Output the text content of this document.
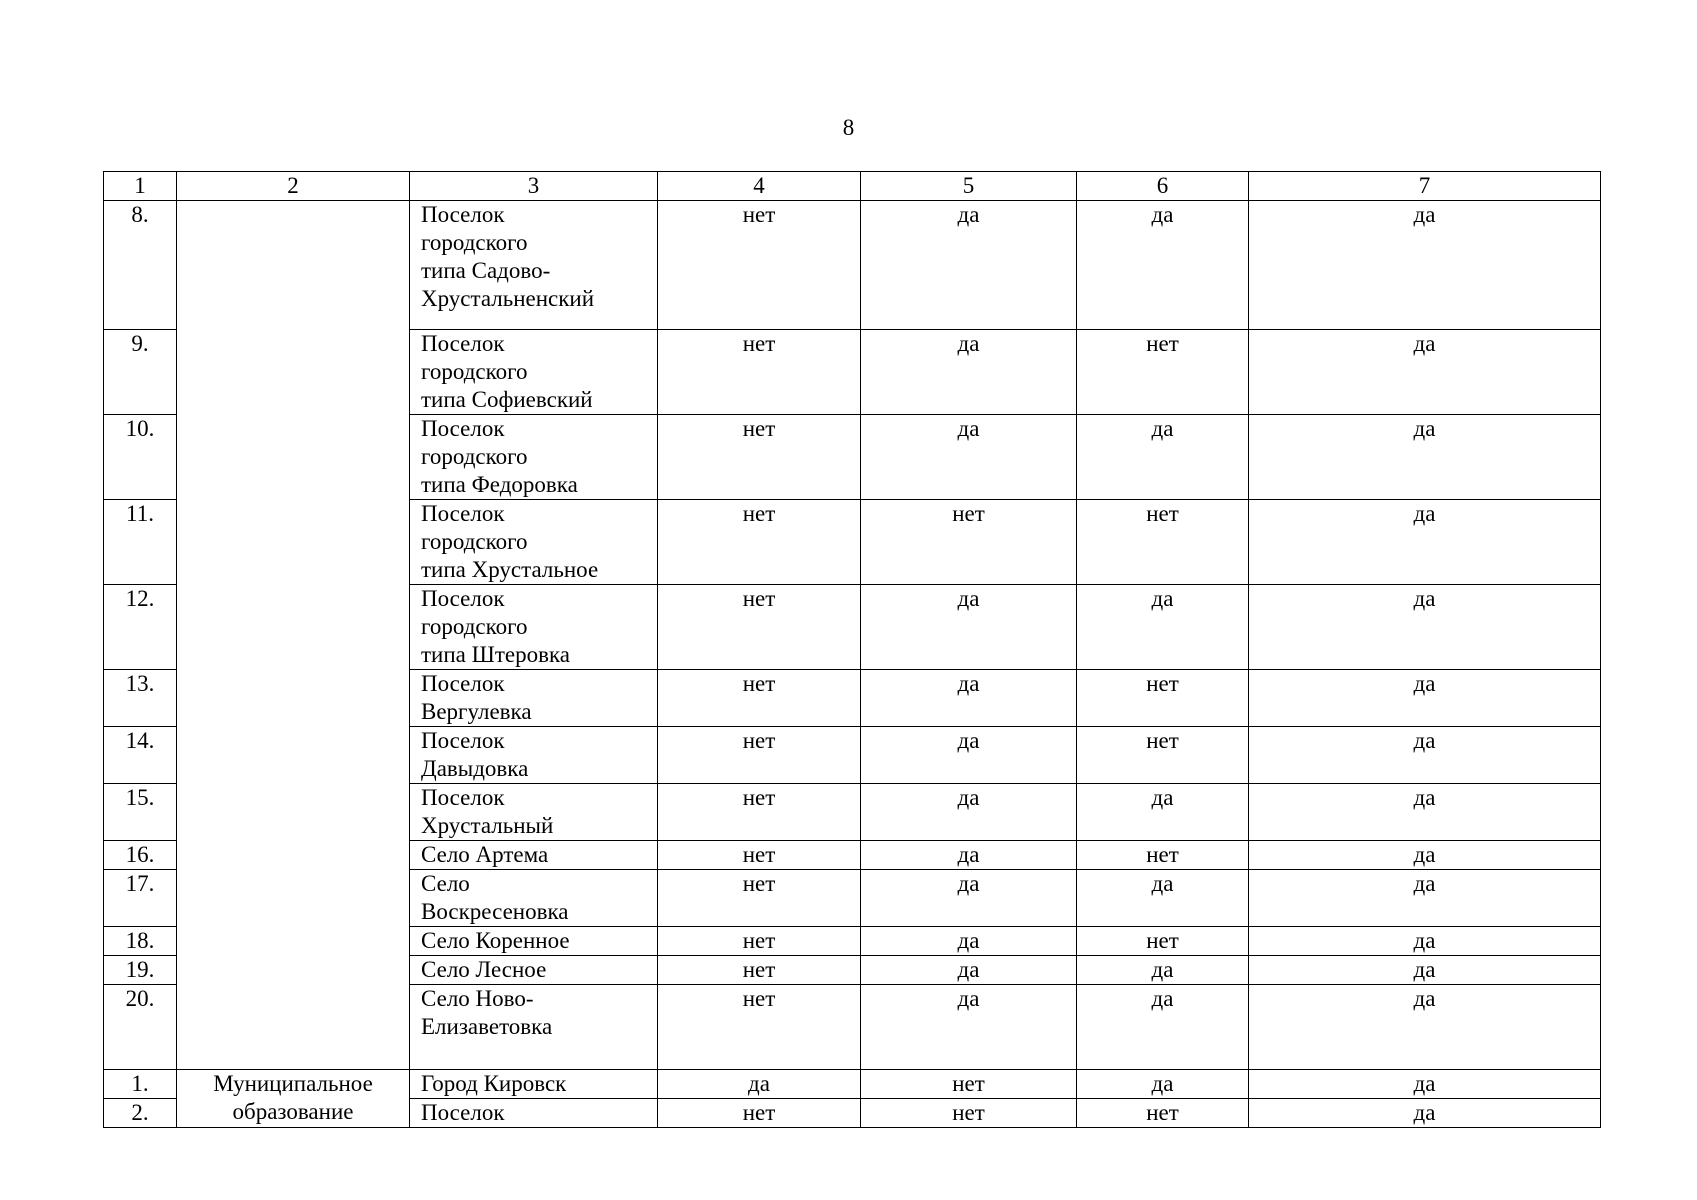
8
1	2	3	4	5	6	7
8.		Поселок
городского
типа Садово-
Хрустальненский	нет	да	да	да
9.		Поселок
городского
типа Софиевский	нет	да	нет	да
10.		Поселок
городского
типа Федоровка	нет	да	да	да
11.		Поселок
городского
типа Хрустальное	нет	нет	нет	да
12.		Поселок
городского
типа Штеровка	нет	да	да	да
13.		Поселок
Вергулевка	нет	да	нет	да
14.		Поселок
Давыдовка	нет	да	нет	да
15.		Поселок
Хрустальный	нет	да	да	да
16.		Село Артема	нет	да	нет	да
17.		Село
Воскресеновка	нет	да	да	да
18.		Село Коренное	нет	да	нет	да
19.		Село Лесное	нет	да	да	да
20.		Село Ново-
Елизаветовка	нет	да	да	да
1.	Муниципальное
образование	Город Кировск	да	нет	да	да
2.		Поселок	нет	нет	нет	да
